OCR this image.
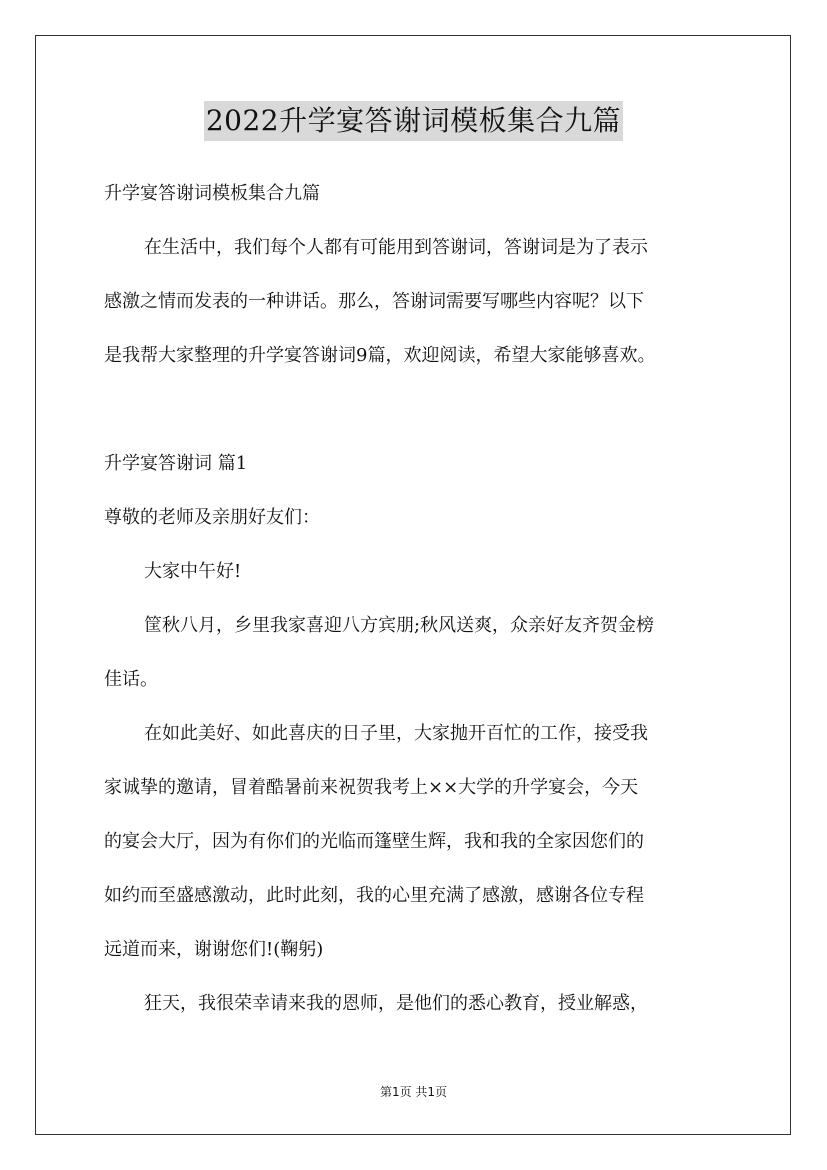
2022升学宴答谢词模板集合九篇

升学宴答谢词模板集合九篇

在生活中，我们每个人都有可能用到答谢词，答谢词是为了表示

感激之情而发表的一种讲话。那么，答谢词需要写哪些内容呢？以下

是我帮大家整理的升学宴答谢词9篇，欢迎阅读，希望大家能够喜欢。

升学宴答谢词 篇1

尊敬的老师及亲朋好友们：

大家中午好!

筐秋八月，乡里我家喜迎八方宾朋;秋风送爽，众亲好友齐贺金榜

佳话。

在如此美好、如此喜庆的日子里，大家抛开百忙的工作，接受我

家诚挚的邀请，冒着酷暑前来祝贺我考上××大学的升学宴会，今天

的宴会大厅，因为有你们的光临而篷壁生辉，我和我的全家因您们的

如约而至盛感激动，此时此刻，我的心里充满了感激，感谢各位专程

远道而来，谢谢您们!(鞠躬)

狂天，我很荣幸请来我的恩师，是他们的悉心教育，授业解惑，

第1页 共1页
